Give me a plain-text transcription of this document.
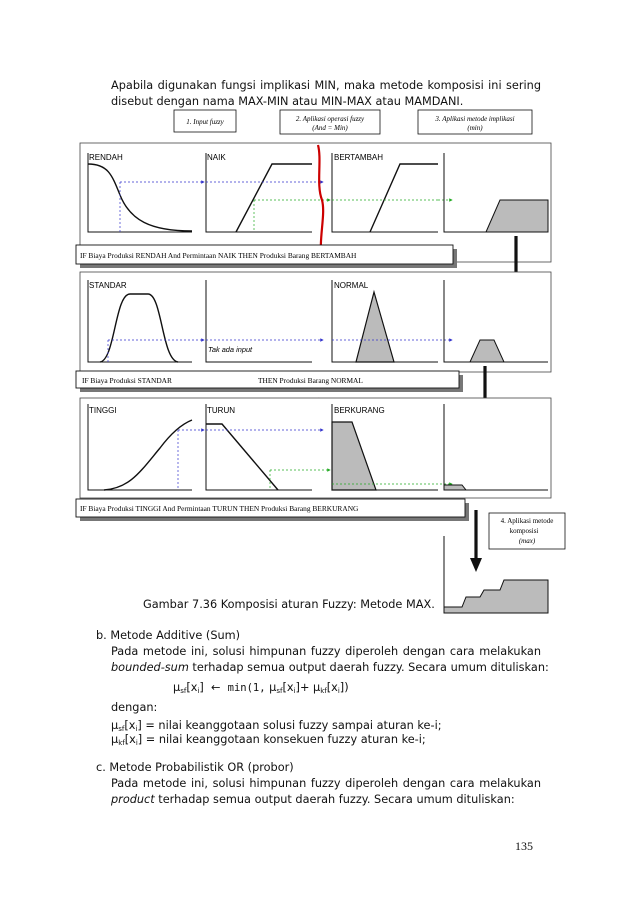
Apabila digunakan fungsi implikasi MIN, maka metode komposisi ini sering
disebut dengan nama MAX-MIN atau MIN-MAX atau MAMDANI.
1. Input fuzzy	2. Aplikasi operasi fuzzy
(And = Min)
3. Aplikasi metode implikasi
(min)
RENDAH	NAIK	BERTAMBAH
IF Biaya Produksi RENDAH And Permintaan NAIK THEN Produksi Barang BERTAMBAH
STANDAR
Tak ada input
NORMAL
IF Biaya Produksi STANDAR	THEN Produksi Barang NORMAL
TINGGI	TURUN	BERKURANG
IF Biaya Produksi TINGGI And Permintaan TURUN THEN Produksi Barang BERKURANG
4. Aplikasi metode
komposisi
(max)
Gambar 7.36 Komposisi aturan Fuzzy: Metode MAX.
b. Metode Additive (Sum)
Pada metode ini, solusi himpunan fuzzy diperoleh dengan cara melakukan
bounded-sum terhadap semua output daerah fuzzy. Secara umum dituliskan:
$\mu_{sf}[x_i]$ ← min(1, $\mu_{sf}[x_i]+ \mu_{kf}[x_i]$)
dengan:
$\mu_{sf}[x_i]$ = nilai keanggotaan solusi fuzzy sampai aturan ke-i;
$\mu_{kf}[x_i]$ = nilai keanggotaan konsekuen fuzzy aturan ke-i;
c. Metode Probabilistik OR (probor)
Pada metode ini, solusi himpunan fuzzy diperoleh dengan cara melakukan
product terhadap semua output daerah fuzzy. Secara umum dituliskan:
135
